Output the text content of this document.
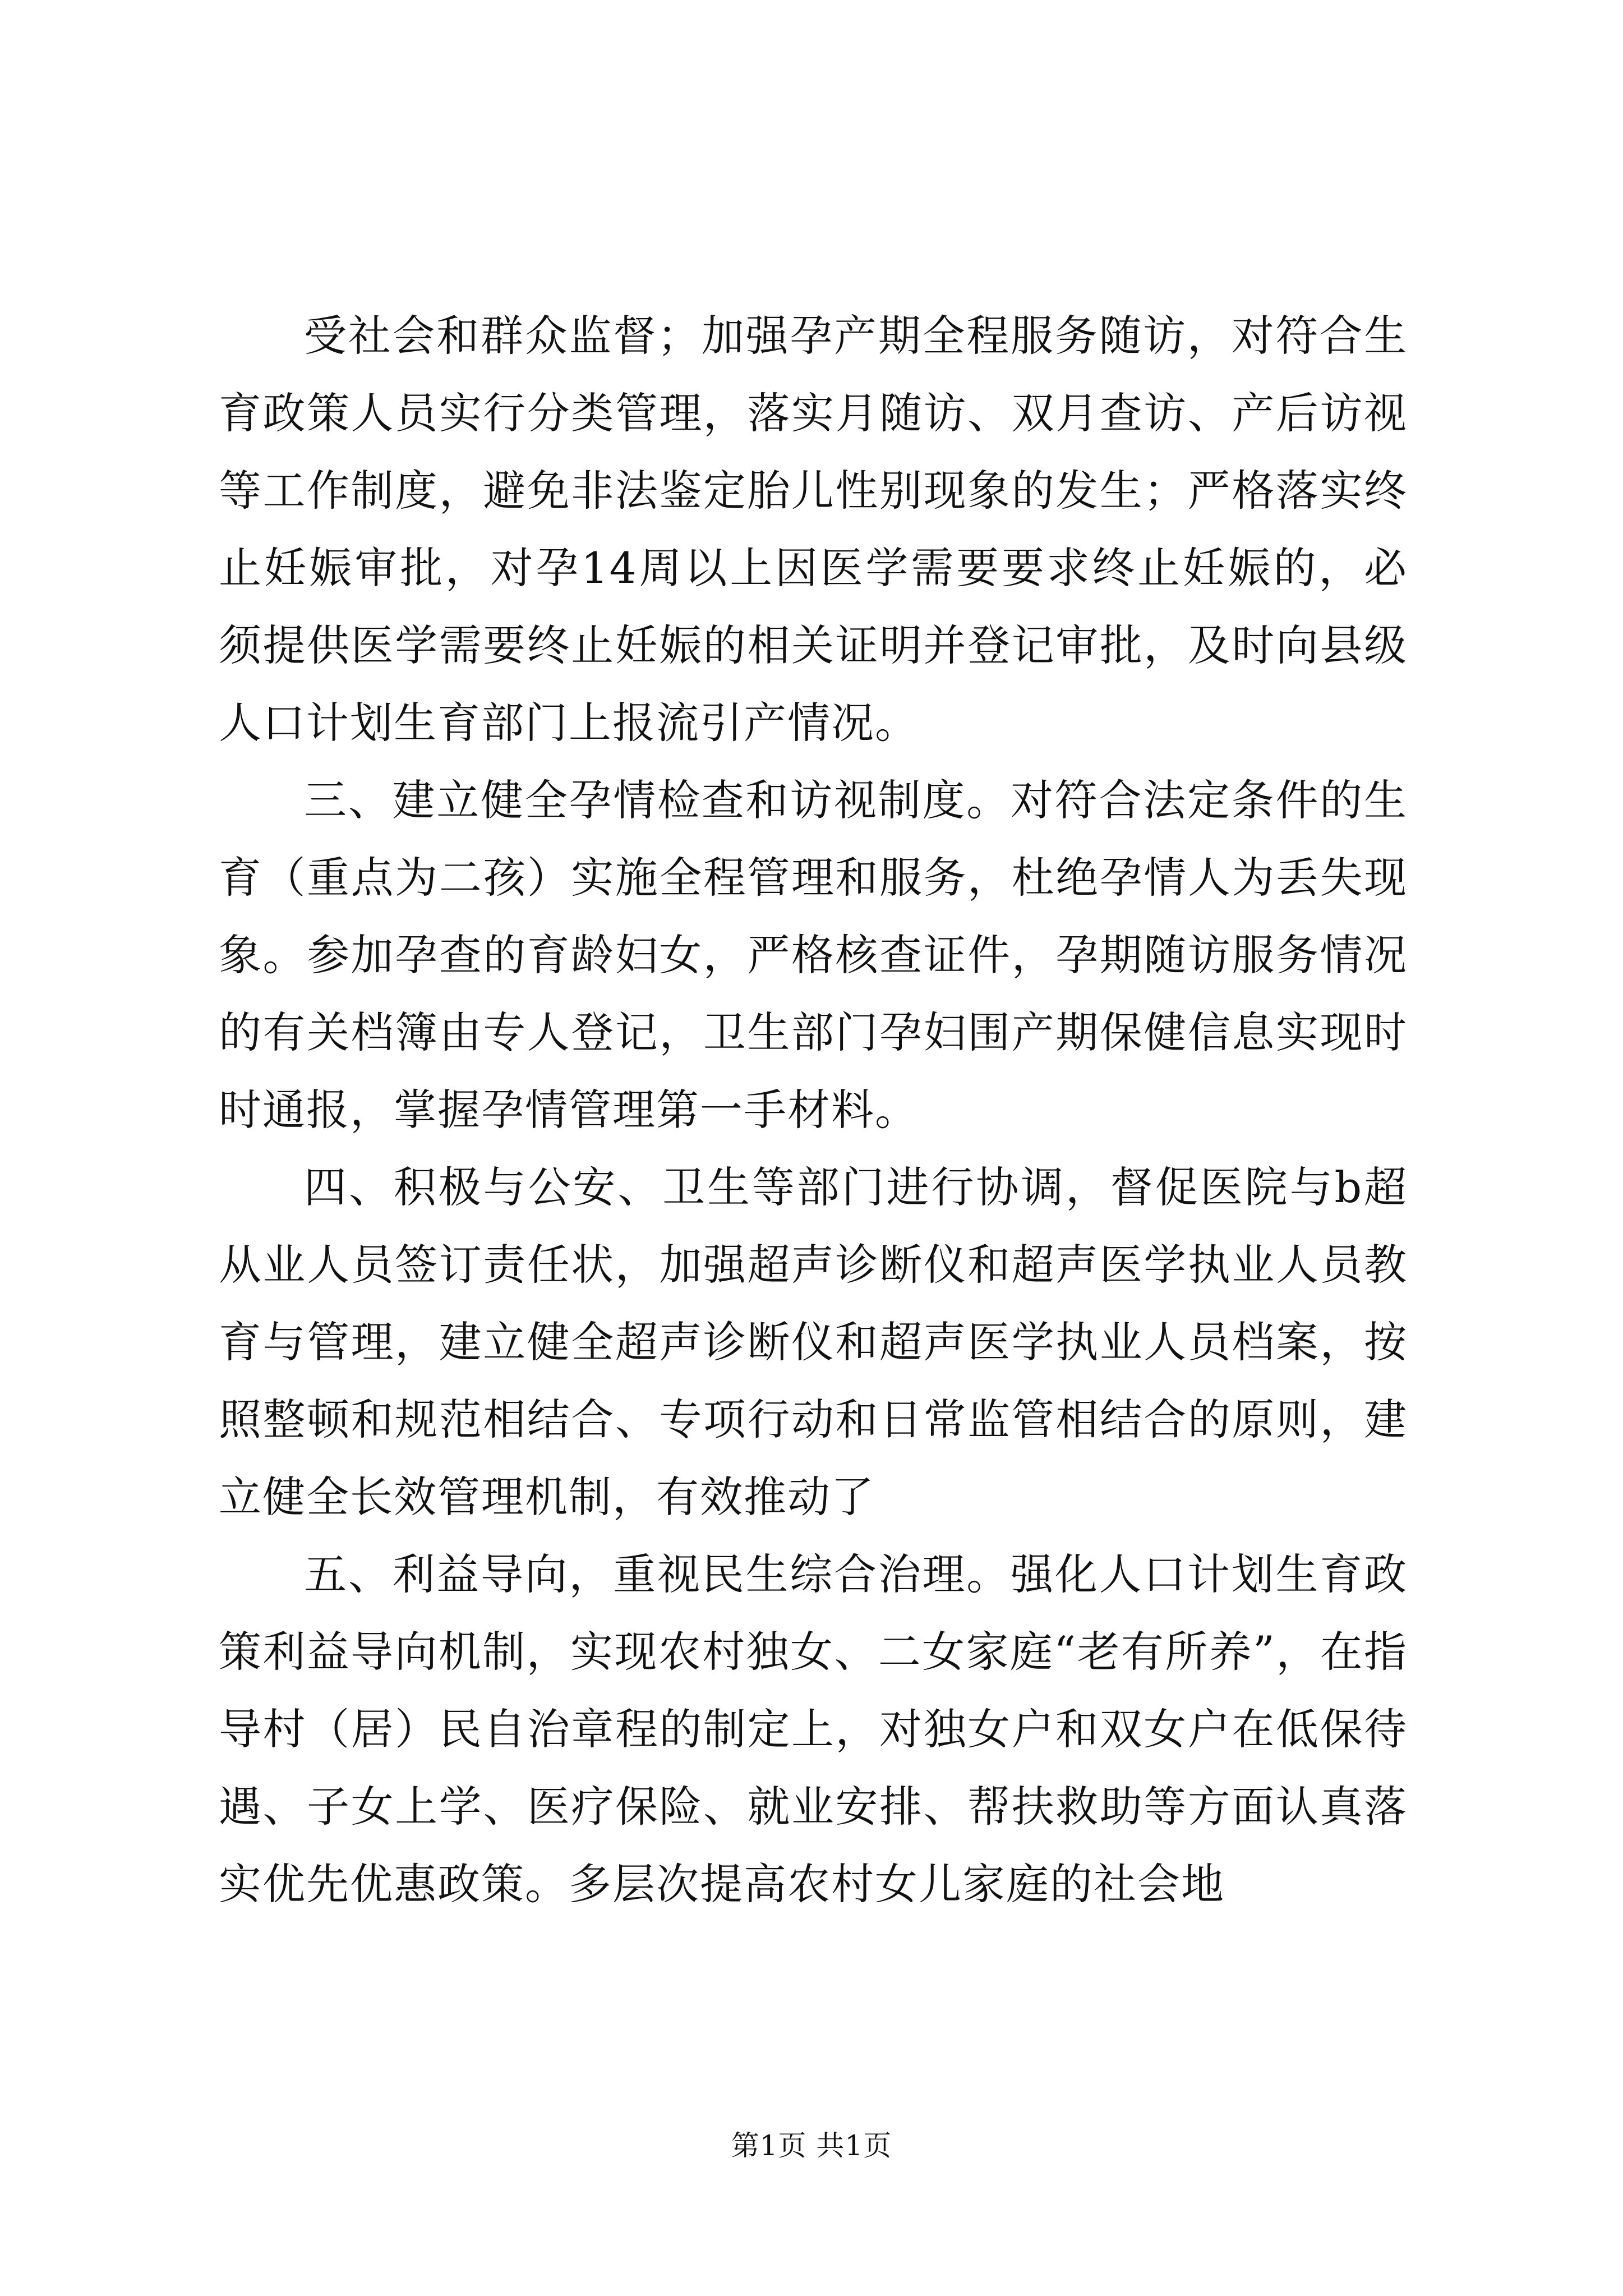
受社会和群众监督；加强孕产期全程服务随访，对符合生育政策人员实行分类管理，落实月随访、双月查访、产后访视等工作制度，避免非法鉴定胎儿性别现象的发生；严格落实终止妊娠审批，对孕14周以上因医学需要要求终止妊娠的，必须提供医学需要终止妊娠的相关证明并登记审批，及时向县级人口计划生育部门上报流引产情况。

三、建立健全孕情检查和访视制度。对符合法定条件的生育（重点为二孩）实施全程管理和服务，杜绝孕情人为丢失现象。参加孕查的育龄妇女，严格核查证件，孕期随访服务情况的有关档簿由专人登记，卫生部门孕妇围产期保健信息实现时时通报，掌握孕情管理第一手材料。

四、积极与公安、卫生等部门进行协调，督促医院与b超从业人员签订责任状，加强超声诊断仪和超声医学执业人员教育与管理，建立健全超声诊断仪和超声医学执业人员档案，按照整顿和规范相结合、专项行动和日常监管相结合的原则，建立健全长效管理机制，有效推动了

五、利益导向，重视民生综合治理。强化人口计划生育政策利益导向机制，实现农村独女、二女家庭“老有所养”，在指导村（居）民自治章程的制定上，对独女户和双女户在低保待遇、子女上学、医疗保险、就业安排、帮扶救助等方面认真落实优先优惠政策。多层次提高农村女儿家庭的社会地

第1页 共1页
